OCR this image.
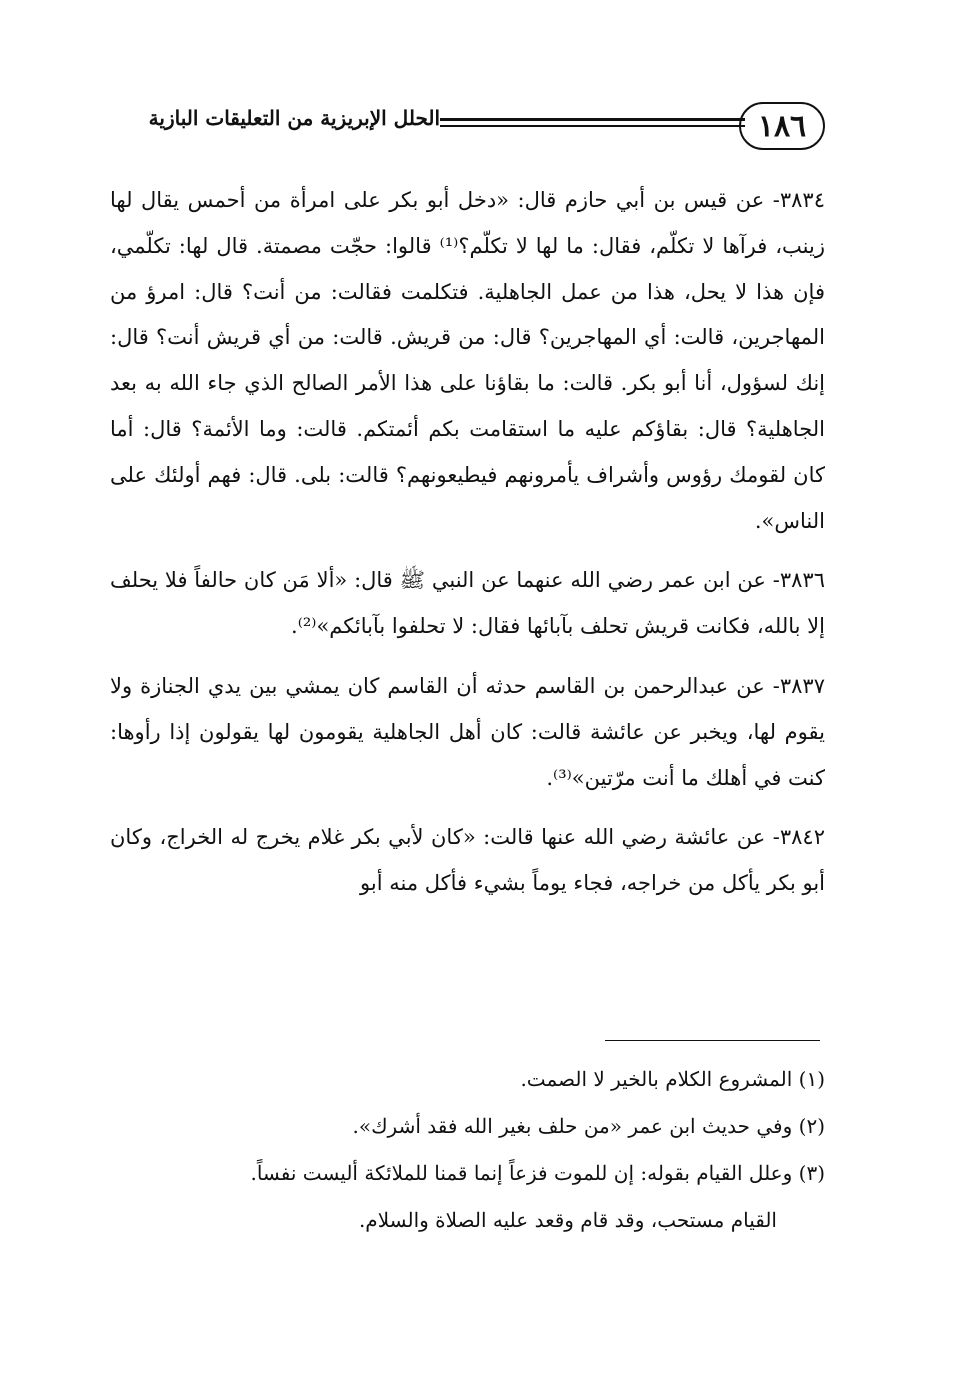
١٨٦
الحلل الإبريزية من التعليقات البازية

٣٨٣٤- عن قيس بن أبي حازم قال: «دخل أبو بكر على امرأة من أحمس يقال لها زينب، فرآها لا تكلّم، فقال: ما لها لا تكلّم؟⁽¹⁾ قالوا: حجّت مصمتة. قال لها: تكلّمي، فإن هذا لا يحل، هذا من عمل الجاهلية. فتكلمت فقالت: من أنت؟ قال: امرؤ من المهاجرين، قالت: أي المهاجرين؟ قال: من قريش. قالت: من أي قريش أنت؟ قال: إنك لسؤول، أنا أبو بكر. قالت: ما بقاؤنا على هذا الأمر الصالح الذي جاء الله به بعد الجاهلية؟ قال: بقاؤكم عليه ما استقامت بكم أئمتكم. قالت: وما الأئمة؟ قال: أما كان لقومك رؤوس وأشراف يأمرونهم فيطيعونهم؟ قالت: بلى. قال: فهم أولئك على الناس».

٣٨٣٦- عن ابن عمر رضي الله عنهما عن النبي ﷺ قال: «ألا مَن كان حالفاً فلا يحلف إلا بالله، فكانت قريش تحلف بآبائها فقال: لا تحلفوا بآبائكم»⁽²⁾.

٣٨٣٧- عن عبدالرحمن بن القاسم حدثه أن القاسم كان يمشي بين يدي الجنازة ولا يقوم لها، ويخبر عن عائشة قالت: كان أهل الجاهلية يقومون لها يقولون إذا رأوها: كنت في أهلك ما أنت مرّتين»⁽³⁾.

٣٨٤٢- عن عائشة رضي الله عنها قالت: «كان لأبي بكر غلام يخرج له الخراج، وكان أبو بكر يأكل من خراجه، فجاء يوماً بشيء فأكل منه أبو

(١) المشروع الكلام بالخير لا الصمت.

(٢) وفي حديث ابن عمر «من حلف بغير الله فقد أشرك».

(٣) وعلل القيام بقوله: إن للموت فزعاً إنما قمنا للملائكة أليست نفساً.

القيام مستحب، وقد قام وقعد عليه الصلاة والسلام.
